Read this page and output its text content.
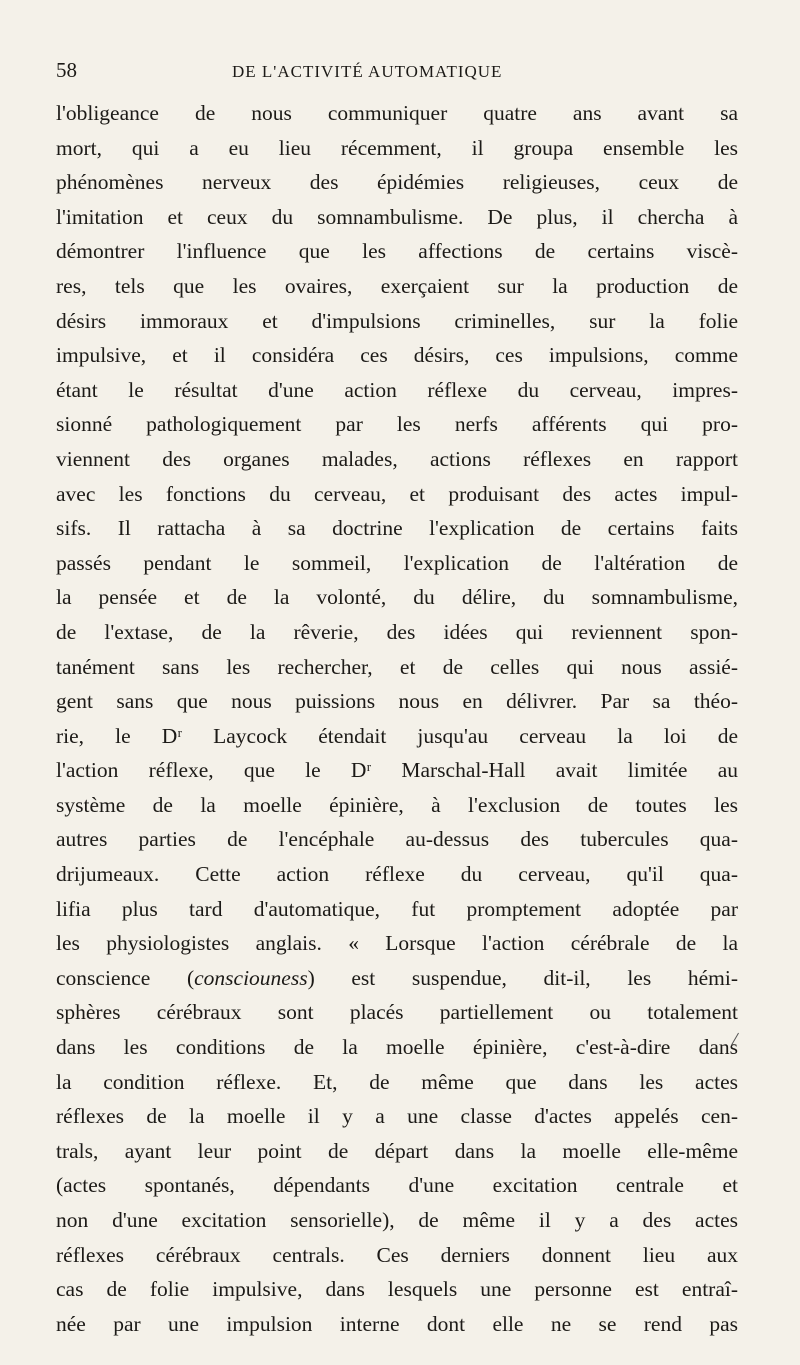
58	DE L'ACTIVITÉ AUTOMATIQUE
l'obligeance de nous communiquer quatre ans avant sa
mort, qui a eu lieu récemment, il groupa ensemble les
phénomènes nerveux des épidémies religieuses, ceux de
l'imitation et ceux du somnambulisme. De plus, il chercha à
démontrer l'influence que les affections de certains viscè-
res, tels que les ovaires, exerçaient sur la production de
désirs immoraux et d'impulsions criminelles, sur la folie
impulsive, et il considéra ces désirs, ces impulsions, comme
étant le résultat d'une action réflexe du cerveau, impres-
sionné pathologiquement par les nerfs afférents qui pro-
viennent des organes malades, actions réflexes en rapport
avec les fonctions du cerveau, et produisant des actes impul-
sifs. Il rattacha à sa doctrine l'explication de certains faits
passés pendant le sommeil, l'explication de l'altération de
la pensée et de la volonté, du délire, du somnambulisme,
de l'extase, de la rêverie, des idées qui reviennent spon-
tanément sans les rechercher, et de celles qui nous assié-
gent sans que nous puissions nous en délivrer. Par sa théo-
rie, le Dʳ Laycock étendait jusqu'au cerveau la loi de
l'action réflexe, que le Dʳ Marschal-Hall avait limitée au
système de la moelle épinière, à l'exclusion de toutes les
autres parties de l'encéphale au-dessus des tubercules qua-
drijumeaux. Cette action réflexe du cerveau, qu'il qua-
lifia plus tard d'automatique, fut promptement adoptée par
les physiologistes anglais. « Lorsque l'action cérébrale de la
conscience (consciouness) est suspendue, dit-il, les hémi-
sphères cérébraux sont placés partiellement ou totalement
dans les conditions de la moelle épinière, c'est-à-dire dans
la condition réflexe. Et, de même que dans les actes
réflexes de la moelle il y a une classe d'actes appelés cen-
trals, ayant leur point de départ dans la moelle elle-même
(actes spontanés, dépendants d'une excitation centrale et
non d'une excitation sensorielle), de même il y a des actes
réflexes cérébraux centrals. Ces derniers donnent lieu aux
cas de folie impulsive, dans lesquels une personne est entraî-
née par une impulsion interne dont elle ne se rend pas
